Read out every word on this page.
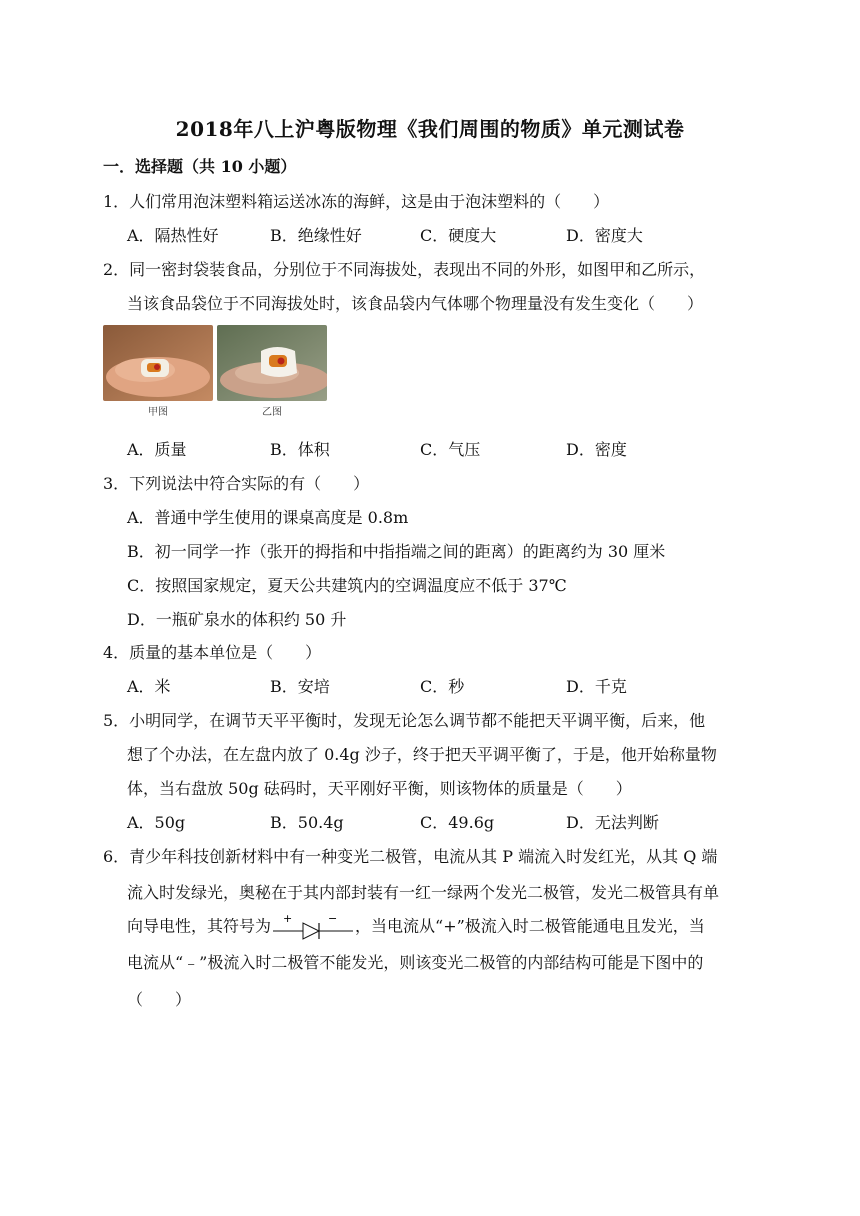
2018年八上沪粤版物理《我们周围的物质》单元测试卷
一．选择题（共 10 小题）
1．人们常用泡沫塑料箱运送冰冻的海鲜，这是由于泡沫塑料的（　　）
A．隔热性好	B．绝缘性好	C．硬度大	D．密度大
2．同一密封袋装食品，分别位于不同海拔处，表现出不同的外形，如图甲和乙所示，
当该食品袋位于不同海拔处时，该食品袋内气体哪个物理量没有发生变化（　　）
甲图	乙图
A．质量	B．体积	C．气压	D．密度
3．下列说法中符合实际的有（　　）
A．普通中学生使用的课桌高度是 0.8m
B．初一同学一拃（张开的拇指和中指指端之间的距离）的距离约为 30 厘米
C．按照国家规定，夏天公共建筑内的空调温度应不低于 37℃
D．一瓶矿泉水的体积约 50 升
4．质量的基本单位是（　　）
A．米	B．安培	C．秒	D．千克
5．小明同学，在调节天平平衡时，发现无论怎么调节都不能把天平调平衡，后来，他
想了个办法，在左盘内放了 0.4g 沙子，终于把天平调平衡了，于是，他开始称量物
体，当右盘放 50g 砝码时，天平刚好平衡，则该物体的质量是（　　）
A．50g	B．50.4g	C．49.6g	D．无法判断
6．青少年科技创新材料中有一种变光二极管，电流从其 P 端流入时发红光，从其 Q 端
流入时发绿光，奥秘在于其内部封装有一红一绿两个发光二极管，发光二极管具有单
向导电性，其符号为 +	− ，当电流从“+”极流入时二极管能通电且发光，当
电流从“﹣”极流入时二极管不能发光，则该变光二极管的内部结构可能是下图中的
（　　）
